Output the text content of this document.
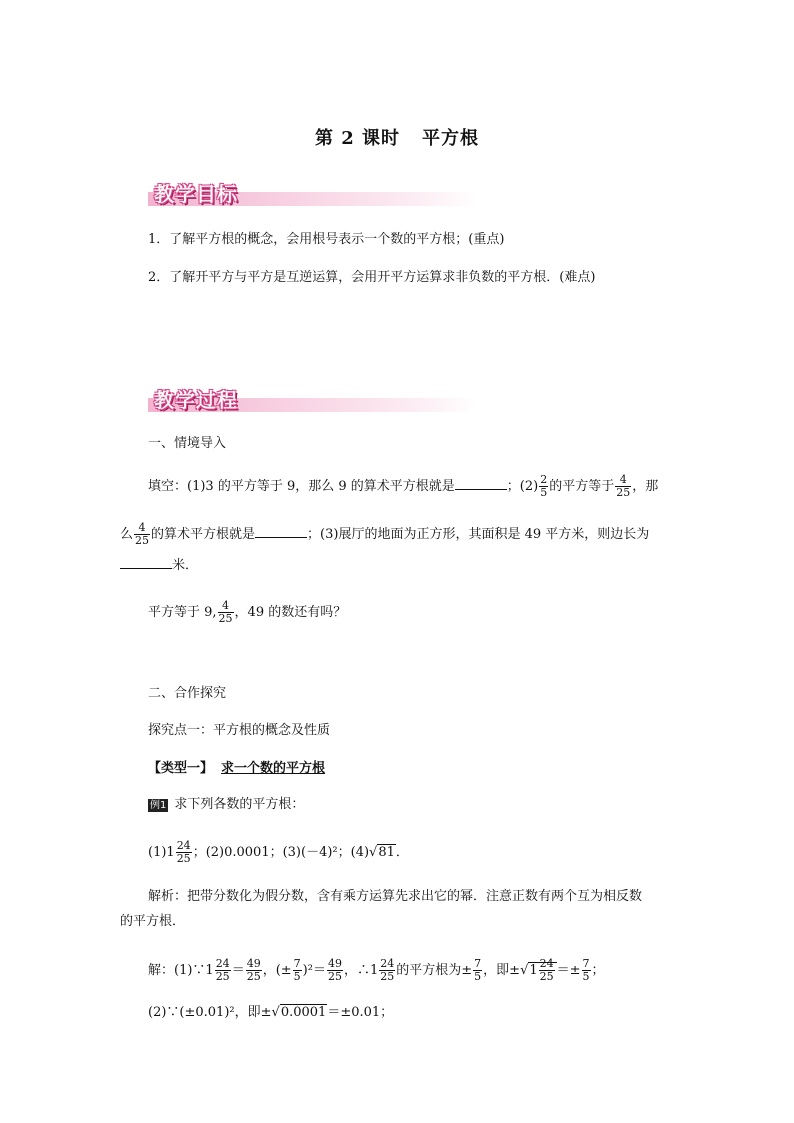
第 2 课时 平方根
教学目标
1．了解平方根的概念，会用根号表示一个数的平方根；(重点)
2．了解开平方与平方是互逆运算，会用开平方运算求非负数的平方根．(难点)
教学过程
一、情境导入
填空：(1)3 的平方等于 9，那么 9 的算术平方根就是	；$(2) \frac{2}{5}$ 的平方等于 $\frac{4}{25}$ ，那
么 $\frac{4}{25}$ 的算术平方根就是	；(3)展厅的地面为正方形，其面积是 49 平方米，则边长为
米．
平方等于 9, $\frac{4}{25}$ ，49 的数还有吗？
二、合作探究
探究点一：平方根的概念及性质
【类型一】 求一个数的平方根
例1 求下列各数的平方根：
$(1)1 \frac{24}{25}$ ；(2)0.0001；(3)(－4)²；(4)√81．
解析：把带分数化为假分数，含有乘方运算先求出它的幂．注意正数有两个互为相反数
的平方根．
解：(1)∵1 $\frac{24}{25} = \frac{49}{25}$ ，(± $\frac{7}{5} )^2= \frac{49}{25}$ ，∴1 $\frac{24}{25}$ 的平方根为± $\frac{7}{5}$ ，即$\pm√1 \frac{24}{25} =\pm \frac{7}{5}$ ；
(2)∵(±0.01)²，即±√0.0001＝±0.01；
